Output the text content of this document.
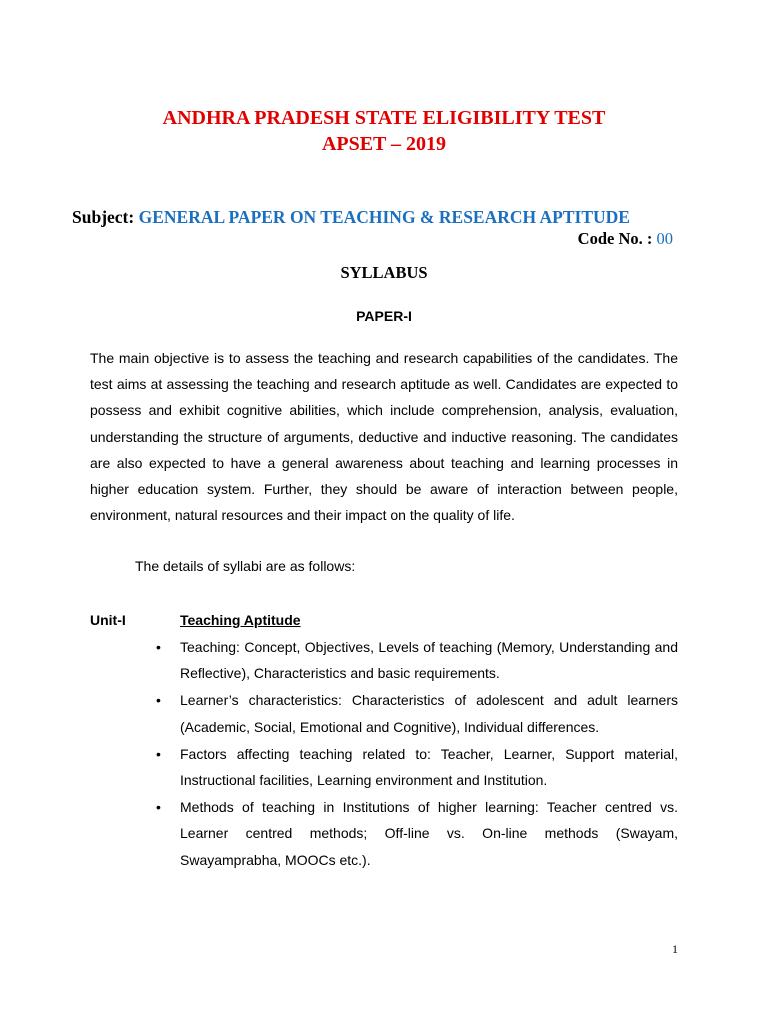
ANDHRA PRADESH STATE ELIGIBILITY TEST
APSET – 2019
Subject: GENERAL PAPER ON TEACHING & RESEARCH APTITUDE
Code No. : 00
SYLLABUS
PAPER-I

The main objective is to assess the teaching and research capabilities of the candidates. The test aims at assessing the teaching and research aptitude as well. Candidates are expected to possess and exhibit cognitive abilities, which include comprehension, analysis, evaluation, understanding the structure of arguments, deductive and inductive reasoning. The candidates are also expected to have a general awareness about teaching and learning processes in higher education system. Further, they should be aware of interaction between people, environment, natural resources and their impact on the quality of life.

The details of syllabi are as follows:
Unit-I	Teaching Aptitude
• Teaching: Concept, Objectives, Levels of teaching (Memory, Understanding and Reflective), Characteristics and basic requirements.
• Learner’s characteristics: Characteristics of adolescent and adult learners (Academic, Social, Emotional and Cognitive), Individual differences.
• Factors affecting teaching related to: Teacher, Learner, Support material, Instructional facilities, Learning environment and Institution.
• Methods of teaching in Institutions of higher learning: Teacher centred vs. Learner centred methods; Off-line vs. On-line methods (Swayam, Swayamprabha, MOOCs etc.).
1
